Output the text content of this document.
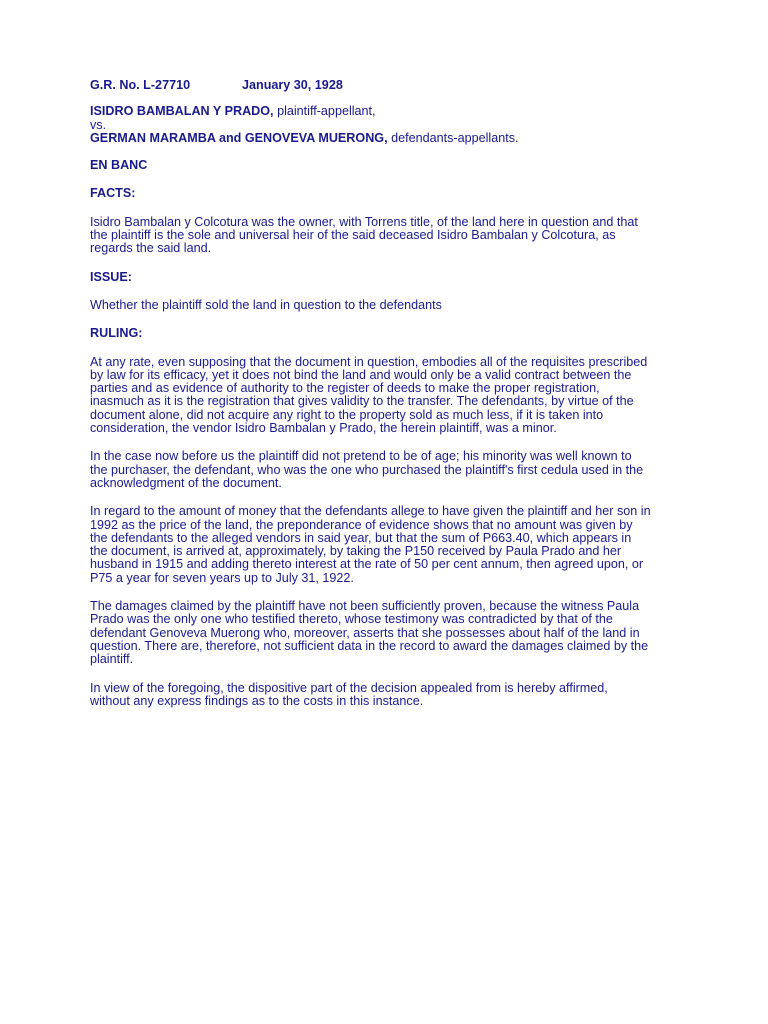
G.R. No. L-27710	January 30, 1928
ISIDRO BAMBALAN Y PRADO, plaintiff-appellant,
vs.
GERMAN MARAMBA and GENOVEVA MUERONG, defendants-appellants.
EN BANC
FACTS:
Isidro Bambalan y Colcotura was the owner, with Torrens title, of the land here in question and that
the plaintiff is the sole and universal heir of the said deceased Isidro Bambalan y Colcotura, as
regards the said land.
ISSUE:
Whether the plaintiff sold the land in question to the defendants
RULING:
At any rate, even supposing that the document in question, embodies all of the requisites prescribed
by law for its efficacy, yet it does not bind the land and would only be a valid contract between the
parties and as evidence of authority to the register of deeds to make the proper registration,
inasmuch as it is the registration that gives validity to the transfer. The defendants, by virtue of the
document alone, did not acquire any right to the property sold as much less, if it is taken into
consideration, the vendor Isidro Bambalan y Prado, the herein plaintiff, was a minor.
In the case now before us the plaintiff did not pretend to be of age; his minority was well known to
the purchaser, the defendant, who was the one who purchased the plaintiff's first cedula used in the
acknowledgment of the document.
In regard to the amount of money that the defendants allege to have given the plaintiff and her son in
1992 as the price of the land, the preponderance of evidence shows that no amount was given by
the defendants to the alleged vendors in said year, but that the sum of P663.40, which appears in
the document, is arrived at, approximately, by taking the P150 received by Paula Prado and her
husband in 1915 and adding thereto interest at the rate of 50 per cent annum, then agreed upon, or
P75 a year for seven years up to July 31, 1922.
The damages claimed by the plaintiff have not been sufficiently proven, because the witness Paula
Prado was the only one who testified thereto, whose testimony was contradicted by that of the
defendant Genoveva Muerong who, moreover, asserts that she possesses about half of the land in
question. There are, therefore, not sufficient data in the record to award the damages claimed by the
plaintiff.
In view of the foregoing, the dispositive part of the decision appealed from is hereby affirmed,
without any express findings as to the costs in this instance.
